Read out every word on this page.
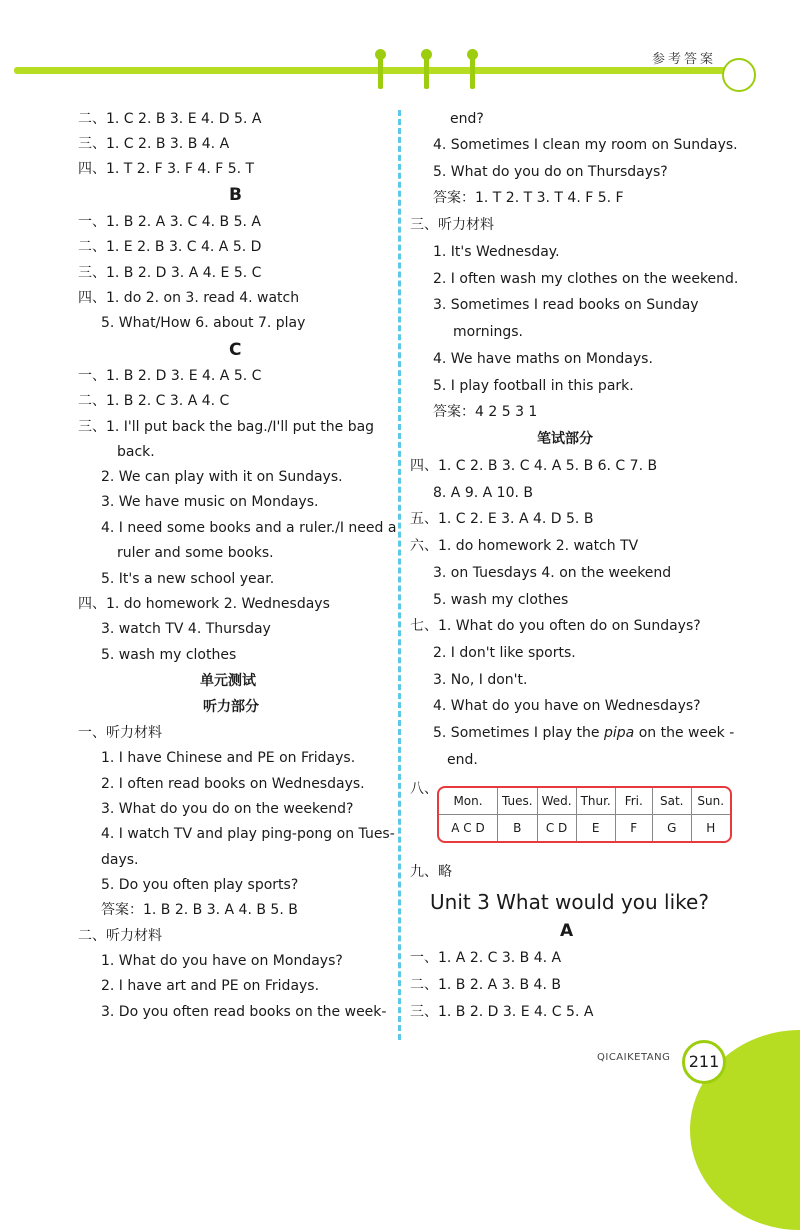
参考答案
二、1. C 2. B 3. E 4. D 5. A
三、1. C 2. B 3. B 4. A
四、1. T 2. F 3. F 4. F 5. T
B
一、1. B 2. A 3. C 4. B 5. A
二、1. E 2. B 3. C 4. A 5. D
三、1. B 2. D 3. A 4. E 5. C
四、1. do 2. on 3. read 4. watch
5. What/How 6. about 7. play
C
一、1. B 2. D 3. E 4. A 5. C
二、1. B 2. C 3. A 4. C
三、1. I'll put back the bag./I'll put the bag
back.
2. We can play with it on Sundays.
3. We have music on Mondays.
4. I need some books and a ruler./I need a
ruler and some books.
5. It's a new school year.
四、1. do homework 2. Wednesdays
3. watch TV 4. Thursday
5. wash my clothes
单元测试
听力部分
一、听力材料
1. I have Chinese and PE on Fridays.
2. I often read books on Wednesdays.
3. What do you do on the weekend?
4. I watch TV and play ping-pong on Tues-
days.
5. Do you often play sports?
答案：1. B 2. B 3. A 4. B 5. B
二、听力材料
1. What do you have on Mondays?
2. I have art and PE on Fridays.
3. Do you often read books on the week-
end?
4. Sometimes I clean my room on Sundays.
5. What do you do on Thursdays?
答案：1. T 2. T 3. T 4. F 5. F
三、听力材料
1. It's Wednesday.
2. I often wash my clothes on the weekend.
3. Sometimes I read books on Sunday
mornings.
4. We have maths on Mondays.
5. I play football in this park.
答案：4 2 5 3 1
笔试部分
四、1. C 2. B 3. C 4. A 5. B 6. C 7. B
8. A 9. A 10. B
五、1. C 2. E 3. A 4. D 5. B
六、1. do homework 2. watch TV
3. on Tuesdays 4. on the weekend
5. wash my clothes
七、1. What do you often do on Sundays?
2. I don't like sports.
3. No, I don't.
4. What do you have on Wednesdays?
5. Sometimes I play the pipa on the week -
end.
八、
九、略
Unit 3 What would you like?
A
一、1. A 2. C 3. B 4. A
二、1. B 2. A 3. B 4. B
三、1. B 2. D 3. E 4. C 5. A
Mon.	Tues.	Wed.	Thur.	Fri.	Sat.	Sun.
A C D	B	C D	E	F	G	H
QICAIKETANG	211
